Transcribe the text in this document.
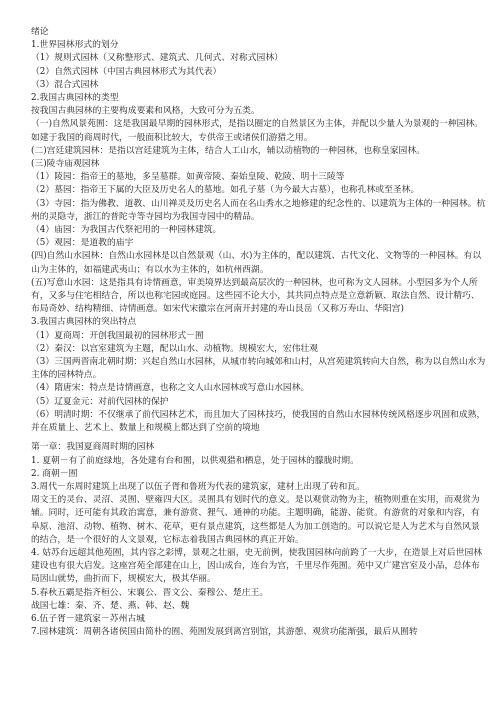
绪论

1.世界园林形式的划分

（1）规则式园林（又称整形式、建筑式、几何式、对称式园林）

（2）自然式园林（中国古典园林形式为其代表）

（3）混合式园林

2.我国古典园林的类型

按我国古典园林的主要构成要素和风格，大致可分为五类。

（一)自然风景苑囿：这是我国最早期的园林形式，是指以圈定的自然景区为主体，并配以少量人为景观的一种园林。如建于我国的商周时代，一般面积比较大，专供帝王或诸侯们游猎之用。

(二)宫廷建筑园林：是指以宫廷建筑为主体，结合人工山水，辅以动植物的一种园林，也称皇家园林。

(三)陵寺庙观园林

（1）陵园：指帝王的墓地，多呈墓群。如黄帝陵、秦始皇陵、乾陵、明十三陵等

（2）墓园：指帝王下属的大臣及历史名人的墓地。如孔子墓（为今最大古墓），也称孔林或至圣林。

（3）寺园：指为佛教、道教、山川禅灵及历史名人而在名山秀水之地修建的纪念性的、以建筑为主体的一种园林。杭州的灵隐寺，浙江的普陀寺等寺园均为我国寺园中的精品。

（4）庙园：为我国古代祭祀用的一种园林建筑。

（5）观园：是道教的庙宇

(四)自然山水园林：自然山水园林是以自然景观（山、水)为主体的，配以建筑、古代文化、文物等的一种园林。有以山为主体的，如福建武夷山；有以水为主体的，如杭州西湖。

(五)写意山水园：这是指具有诗情画意，审美境界达到最高层次的一种园林，也可称为文人园林。小型园多为个人所有，又多与住宅相结合，所以也称宅园或庭园。这些园不论大小，其共同点特点是立意新颖、取法自然、设计精巧、布局奇妙、结构精细、诗情画意。如宋代宋徽宗在河南开封建的寿山艮岳（又称万寿山、华阳宫)

3.我国古典园林的突出特点

（1）夏商周：开创我国最初的园林形式－囿

（2）秦汉：以宫室建筑为主题，配以山水、动植物。规模宏大，宏伟壮观

（3）三国两晋南北朝时期：兴起自然山水园林，从城市转向城郊和山村，从宫苑建筑转向大自然，称为以自然山水为主体的园林特点。

（4）隋唐宋：特点是诗情画意，也称之文人山水园林或写意山水园林。

（5）辽夏金元：对前代园林的保护

（6）明清时期：不仅继承了前代园林艺术，而且加大了园林技巧，使我国的自然山水园林传统风格逐步巩固和成熟，并在质量上、艺术上、数量上和规模上都达到了空前的境地

第一章：我国夏商周时期的园林

1. 夏朝－有了前庭绿地，各处建有台和囿，以供观猎和栖息，处于园林的朦胧时期。

2. 商朝－囿

3.周代－东周时建筑上出现了以伍子胥和鲁班为代表的建筑家，建材上出现了砖和瓦。

周文王的灵台、灵沼、灵囿、壁雍四大区。灵囿具有划时代的意义。是以观赏动物为主，植物则重在实用，而观赏为辅。同时，还可能有其政治寓意，兼有游赏、狸气、通神的功能。主题明确，能游、能赏。有游赏的对象和内容，有阜原、池沼、动物、植物、树木、花草，更有景点建筑，这些都是人为加工创造的。可以说它是人为艺术与自然风景的结合，是一个很好的人文景观，它标志着我国古典园林的真正开始。

4. 姑苏台远超其他苑囿，其内容之彩博，景观之壮丽，史无前例，使我国园林向前跨了一大步，在造景上对后世园林建设也有很大启发。这座宫苑全部建在山上，因山成台，连台为宫，千里尽作苑囿。苑中又广建宫室及小品，总体布局因山就势，曲折而下，规模宏大，极其华丽。

5.春秋五霸是指齐桓公、宋襄公、晋文公、秦穆公、楚庄王。

战国七雄：秦、齐、楚、燕、韩、赵、魏

6.伍子胥－建筑家－苏州古城

7.园林建筑：周朝各诸侯国由简朴的囿、苑囿发展到离宫别馆，其游憩、观赏功能渐强，最后从囿转
